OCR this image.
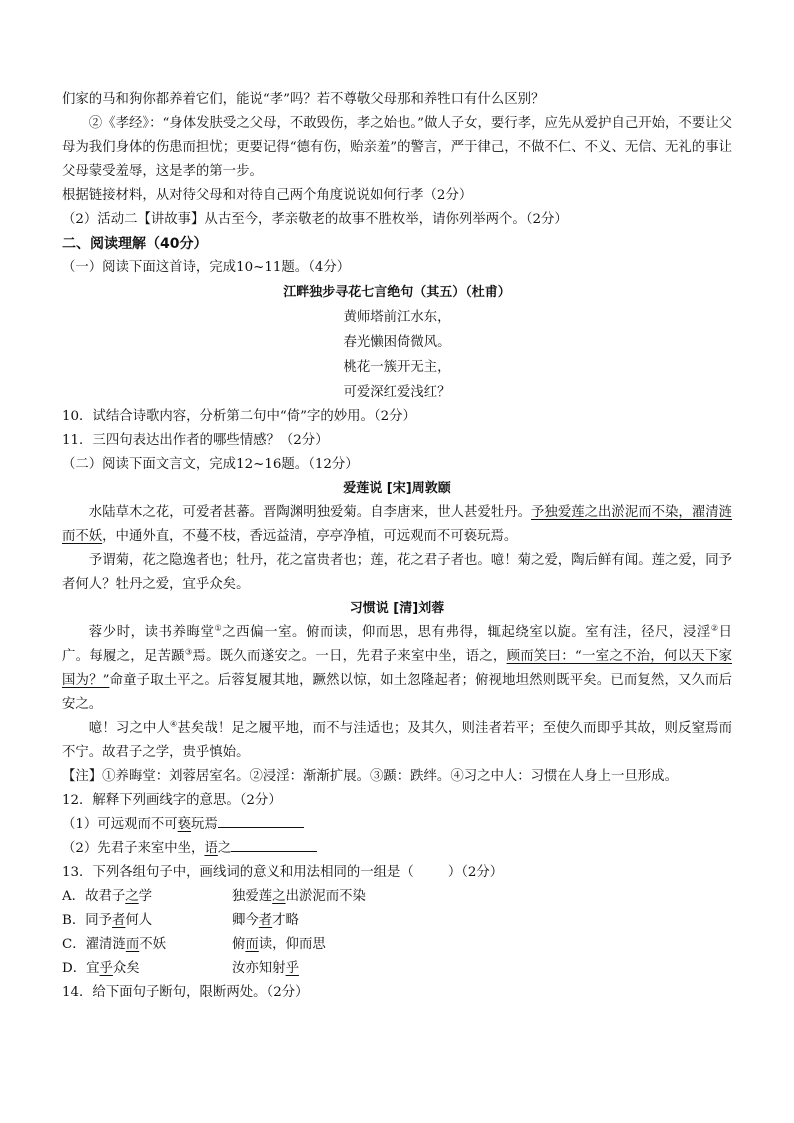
们家的马和狗你都养着它们，能说“孝”吗？若不尊敬父母那和养牲口有什么区别？

②《孝经》：“身体发肤受之父母，不敢毁伤，孝之始也。”做人子女，要行孝，应先从爱护自己开始，不要让父母为我们身体的伤患而担忧；更要记得“德有伤，贻亲羞”的警言，严于律己，不做不仁、不义、无信、无礼的事让父母蒙受羞辱，这是孝的第一步。

根据链接材料，从对待父母和对待自己两个角度说说如何行孝（2分）

（2）活动二【讲故事】从古至今，孝亲敬老的故事不胜枚举，请你列举两个。（2分）

二、阅读理解（40分）

（一）阅读下面这首诗，完成10~11题。（4分）

江畔独步寻花七言绝句（其五）（杜甫）

黄师塔前江水东，

春光懒困倚微风。

桃花一簇开无主，

可爱深红爱浅红？

10．试结合诗歌内容，分析第二句中“倚”字的妙用。（2分）

11．三四句表达出作者的哪些情感？（2分）

（二）阅读下面文言文，完成12~16题。（12分）

爱莲说 [宋]周敦颐

水陆草木之花，可爱者甚蕃。晋陶渊明独爱菊。自李唐来，世人甚爱牡丹。予独爱莲之出淤泥而不染，濯清涟而不妖，中通外直，不蔓不枝，香远益清，亭亭净植，可远观而不可亵玩焉。

予谓菊，花之隐逸者也；牡丹，花之富贵者也；莲，花之君子者也。噫！菊之爱，陶后鲜有闻。莲之爱，同予者何人？牡丹之爱，宜乎众矣。

习惯说 [清]刘蓉

蓉少时，读书养晦堂①之西偏一室。俯而读，仰而思，思有弗得，辄起绕室以旋。室有洼，径尺，浸淫②日广。每履之，足苦踬③焉。既久而遂安之。一日，先君子来室中坐，语之，顾而笑曰：“一室之不治，何以天下家国为？”命童子取土平之。后蓉复履其地，蹶然以惊，如土忽隆起者；俯视地坦然则既平矣。已而复然，又久而后安之。

噫！习之中人④甚矣哉！足之履平地，而不与洼适也；及其久，则洼者若平；至使久而即乎其故，则反窒焉而不宁。故君子之学，贵乎慎始。

【注】①养晦堂：刘蓉居室名。②浸淫：渐渐扩展。③踬：跌绊。④习之中人：习惯在人身上一旦形成。

12．解释下列画线字的意思。（2分）

（1）可远观而不可亵玩焉

（2）先君子来室中坐，语之

13．下列各组句子中，画线词的意义和用法相同的一组是（	）（2分）

A．故君子之学	独爱莲之出淤泥而不染
B．同予者何人	卿今者才略
C．濯清涟而不妖	俯而读，仰而思
D．宜乎众矣	汝亦知射乎

14．给下面句子断句，限断两处。（2分）
